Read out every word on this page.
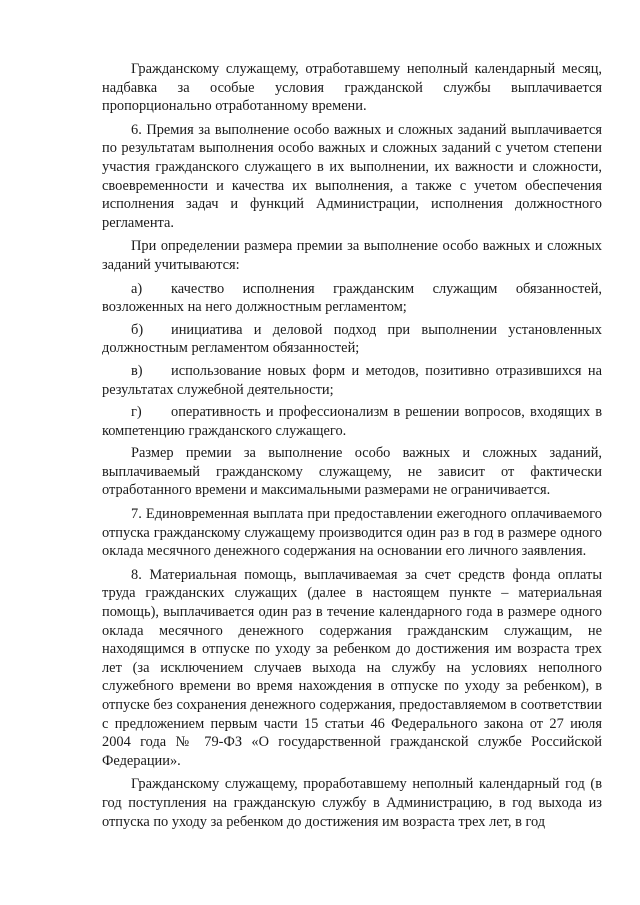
Гражданскому служащему, отработавшему неполный календарный месяц, надбавка за особые условия гражданской службы выплачивается пропорционально отработанному времени.

6. Премия за выполнение особо важных и сложных заданий выплачивается по результатам выполнения особо важных и сложных заданий с учетом степени участия гражданского служащего в их выполнении, их важности и сложности, своевременности и качества их выполнения, а также с учетом обеспечения исполнения задач и функций Администрации, исполнения должностного регламента.

При определении размера премии за выполнение особо важных и сложных заданий учитываются:

а) качество исполнения гражданским служащим обязанностей, возложенных на него должностным регламентом;

б) инициатива и деловой подход при выполнении установленных должностным регламентом обязанностей;

в) использование новых форм и методов, позитивно отразившихся на результатах служебной деятельности;

г) оперативность и профессионализм в решении вопросов, входящих в компетенцию гражданского служащего.

Размер премии за выполнение особо важных и сложных заданий, выплачиваемый гражданскому служащему, не зависит от фактически отработанного времени и максимальными размерами не ограничивается.

7. Единовременная выплата при предоставлении ежегодного оплачиваемого отпуска гражданскому служащему производится один раз в год в размере одного оклада месячного денежного содержания на основании его личного заявления.

8. Материальная помощь, выплачиваемая за счет средств фонда оплаты труда гражданских служащих (далее в настоящем пункте – материальная помощь), выплачивается один раз в течение календарного года в размере одного оклада месячного денежного содержания гражданским служащим, не находящимся в отпуске по уходу за ребенком до достижения им возраста трех лет (за исключением случаев выхода на службу на условиях неполного служебного времени во время нахождения в отпуске по уходу за ребенком), в отпуске без сохранения денежного содержания, предоставляемом в соответствии с предложением первым части 15 статьи 46 Федерального закона от 27 июля 2004 года № 79-ФЗ «О государственной гражданской службе Российской Федерации».

Гражданскому служащему, проработавшему неполный календарный год (в год поступления на гражданскую службу в Администрацию, в год выхода из отпуска по уходу за ребенком до достижения им возраста трех лет, в год
